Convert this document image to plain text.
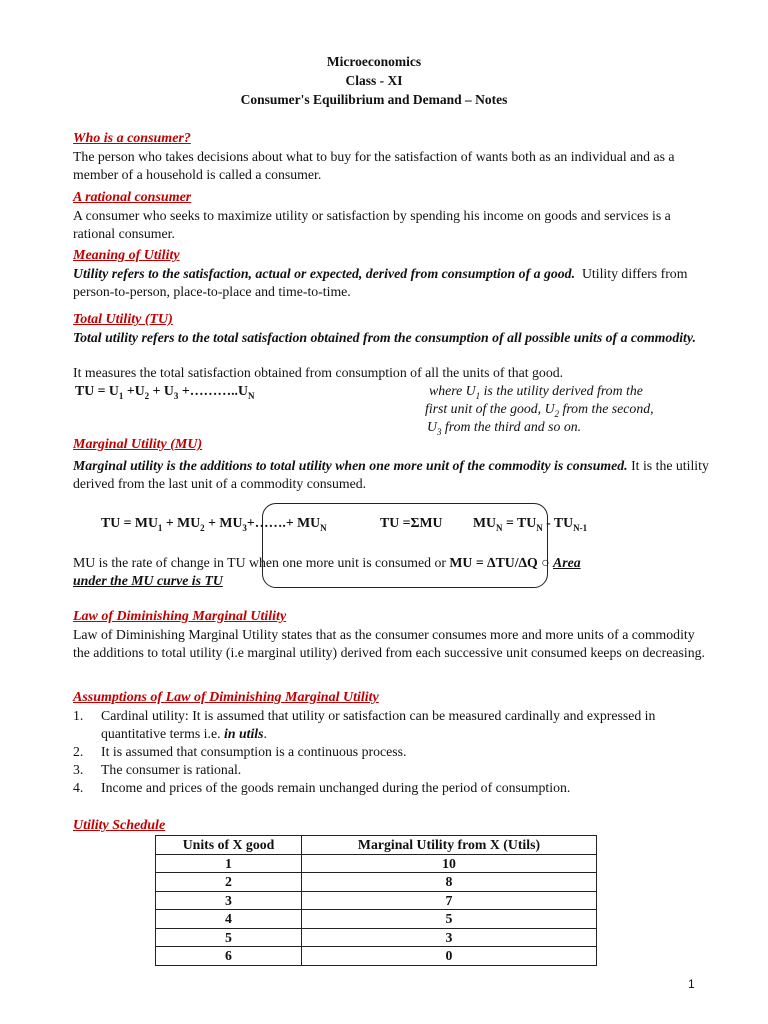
Microeconomics
Class - XI
Consumer's Equilibrium and Demand – Notes
Who is a consumer?
The person who takes decisions about what to buy for the satisfaction of wants both as an individual and as a member of a household is called a consumer.
A rational consumer
A consumer who seeks to maximize utility or satisfaction by spending his income on goods and services is a rational consumer.
Meaning of Utility
Utility refers to the satisfaction, actual or expected, derived from consumption of a good. Utility differs from person-to-person, place-to-place and time-to-time.
Total Utility (TU)
Total utility refers to the total satisfaction obtained from the consumption of all possible units of a commodity.
It measures the total satisfaction obtained from consumption of all the units of that good.
TU = $U_1 +U_2 + U_3$ $+\dots\dots\dots..U_N$	where $U_1$ is the utility derived from the
first unit of the good, $U_2$ from the second,
$U_3$ from the third and so on.
Marginal Utility (MU)
Marginal utility is the additions to total utility when one more unit of the commodity is consumed. It is the utility derived from the last unit of a commodity consumed.
TU = $MU_1 + MU_2$ + $MU_3+\dots\dots.+ MU_N$	TU =ΣMU $MU_N = TU_N - TU_{N-1}$
MU is the rate of change in TU when one more unit is consumed or MU = ∆TU/∆Q ○ Area
under the MU curve is TU
Law of Diminishing Marginal Utility
Law of Diminishing Marginal Utility states that as the consumer consumes more and more units of a commodity the additions to total utility (i.e marginal utility) derived from each successive unit consumed keeps on decreasing.
Assumptions of Law of Diminishing Marginal Utility
1. Cardinal utility: It is assumed that utility or satisfaction can be measured cardinally and expressed in quantitative terms i.e. in utils.
2. It is assumed that consumption is a continuous process.
3. The consumer is rational.
4. Income and prices of the goods remain unchanged during the period of consumption.
Utility Schedule
Units of X good	Marginal Utility from X (Utils)
1	10
2	8
3	7
4	5
5	3
6	0
1
